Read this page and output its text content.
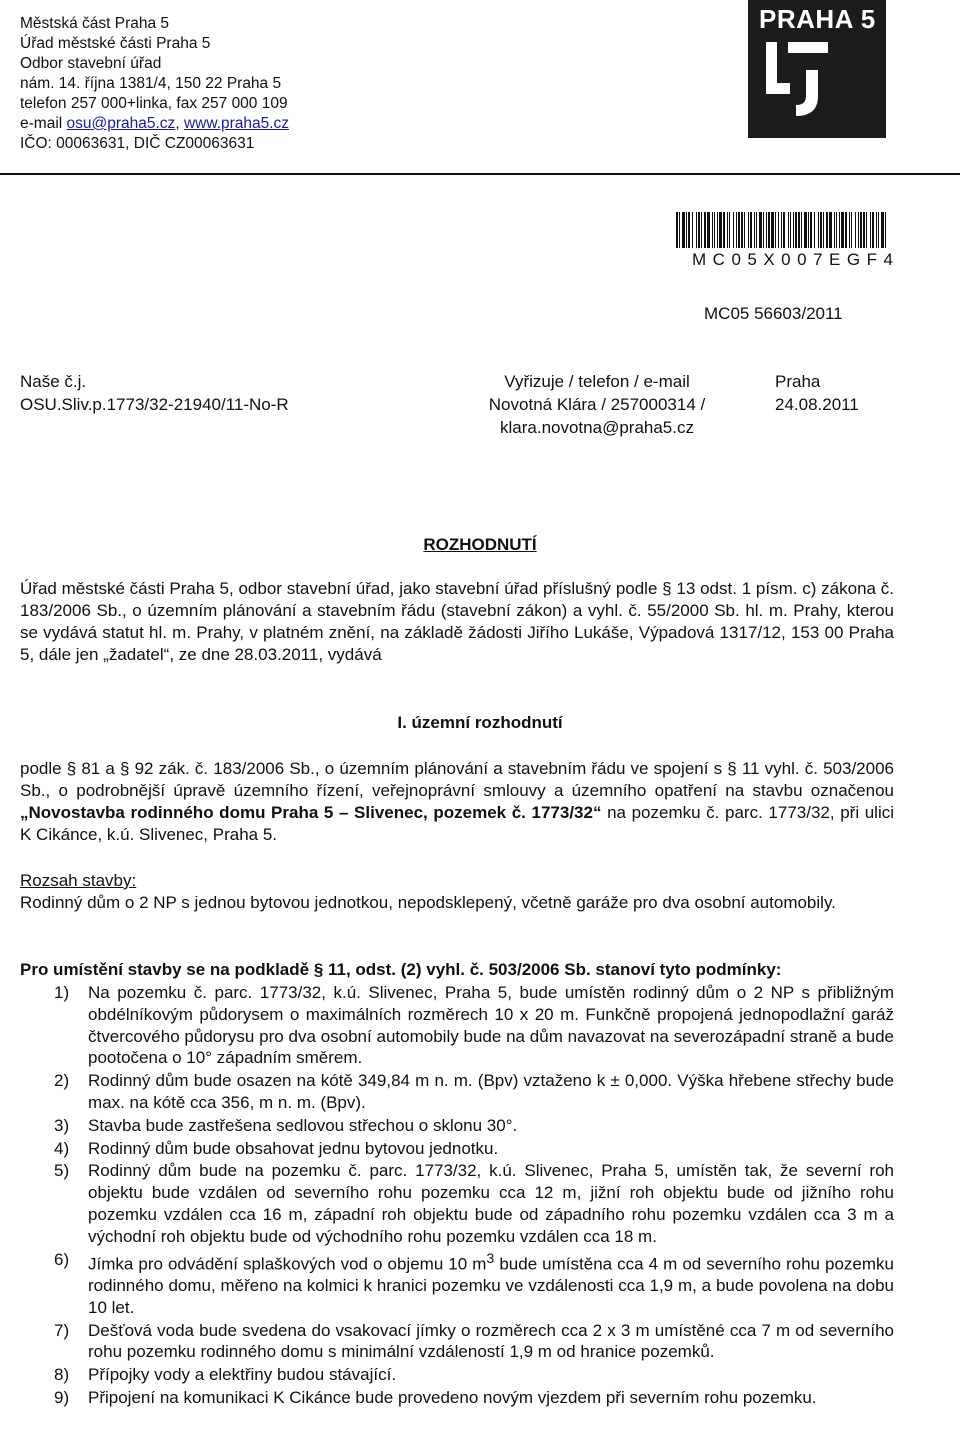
Městská část Praha 5
Úřad městské části Praha 5
Odbor stavební úřad
nám. 14. října 1381/4, 150 22 Praha 5
telefon 257 000+linka, fax 257 000 109
e-mail osu@praha5.cz, www.praha5.cz
IČO: 00063631, DIČ CZ00063631
PRAHA 5
MC05X007EGF4
MC05 56603/2011
Naše č.j.
OSU.Sliv.p.1773/32-21940/11-No-R
Vyřizuje / telefon / e-mail
Novotná Klára / 257000314 /
klara.novotna@praha5.cz
Praha
24.08.2011
ROZHODNUTÍ
Úřad městské části Praha 5, odbor stavební úřad, jako stavební úřad příslušný podle § 13 odst. 1 písm. c) zákona č. 183/2006 Sb., o územním plánování a stavebním řádu (stavební zákon) a vyhl. č. 55/2000 Sb. hl. m. Prahy, kterou se vydává statut hl. m. Prahy, v platném znění, na základě žádosti Jiřího Lukáše, Výpadová 1317/12, 153 00 Praha 5, dále jen „žadatel“, ze dne 28.03.2011, vydává
I. územní rozhodnutí
podle § 81 a § 92 zák. č. 183/2006 Sb., o územním plánování a stavebním řádu ve spojení s § 11 vyhl. č. 503/2006 Sb., o podrobnější úpravě územního řízení, veřejnoprávní smlouvy a územního opatření na stavbu označenou „Novostavba rodinného domu Praha 5 – Slivenec, pozemek č. 1773/32“ na pozemku č. parc. 1773/32, při ulici K Cikánce, k.ú. Slivenec, Praha 5.
Rozsah stavby:
Rodinný dům o 2 NP s jednou bytovou jednotkou, nepodsklepený, včetně garáže pro dva osobní automobily.
Pro umístění stavby se na podkladě § 11, odst. (2) vyhl. č. 503/2006 Sb. stanoví tyto podmínky:
1) Na pozemku č. parc. 1773/32, k.ú. Slivenec, Praha 5, bude umístěn rodinný dům o 2 NP s přibližným obdélníkovým půdorysem o maximálních rozměrech 10 x 20 m. Funkčně propojená jednopodlažní garáž čtvercového půdorysu pro dva osobní automobily bude na dům navazovat na severozápadní straně a bude pootočena o 10° západním směrem.
2) Rodinný dům bude osazen na kótě 349,84 m n. m. (Bpv) vztaženo k ± 0,000. Výška hřebene střechy bude max. na kótě cca 356, m n. m. (Bpv).
3) Stavba bude zastřešena sedlovou střechou o sklonu 30°.
4) Rodinný dům bude obsahovat jednu bytovou jednotku.
5) Rodinný dům bude na pozemku č. parc. 1773/32, k.ú. Slivenec, Praha 5, umístěn tak, že severní roh objektu bude vzdálen od severního rohu pozemku cca 12 m, jižní roh objektu bude od jižního rohu pozemku vzdálen cca 16 m, západní roh objektu bude od západního rohu pozemku vzdálen cca 3 m a východní roh objektu bude od východního rohu pozemku vzdálen cca 18 m.
6) Jímka pro odvádění splaškových vod o objemu 10 $m^3$ bude umístěna cca 4 m od severního rohu pozemku rodinného domu, měřeno na kolmici k hranici pozemku ve vzdálenosti cca 1,9 m, a bude povolena na dobu 10 let.
7) Dešťová voda bude svedena do vsakovací jímky o rozměrech cca 2 x 3 m umístěné cca 7 m od severního rohu pozemku rodinného domu s minimální vzdáleností 1,9 m od hranice pozemků.
8) Přípojky vody a elektřiny budou stávající.
9) Připojení na komunikaci K Cikánce bude provedeno novým vjezdem při severním rohu pozemku.
